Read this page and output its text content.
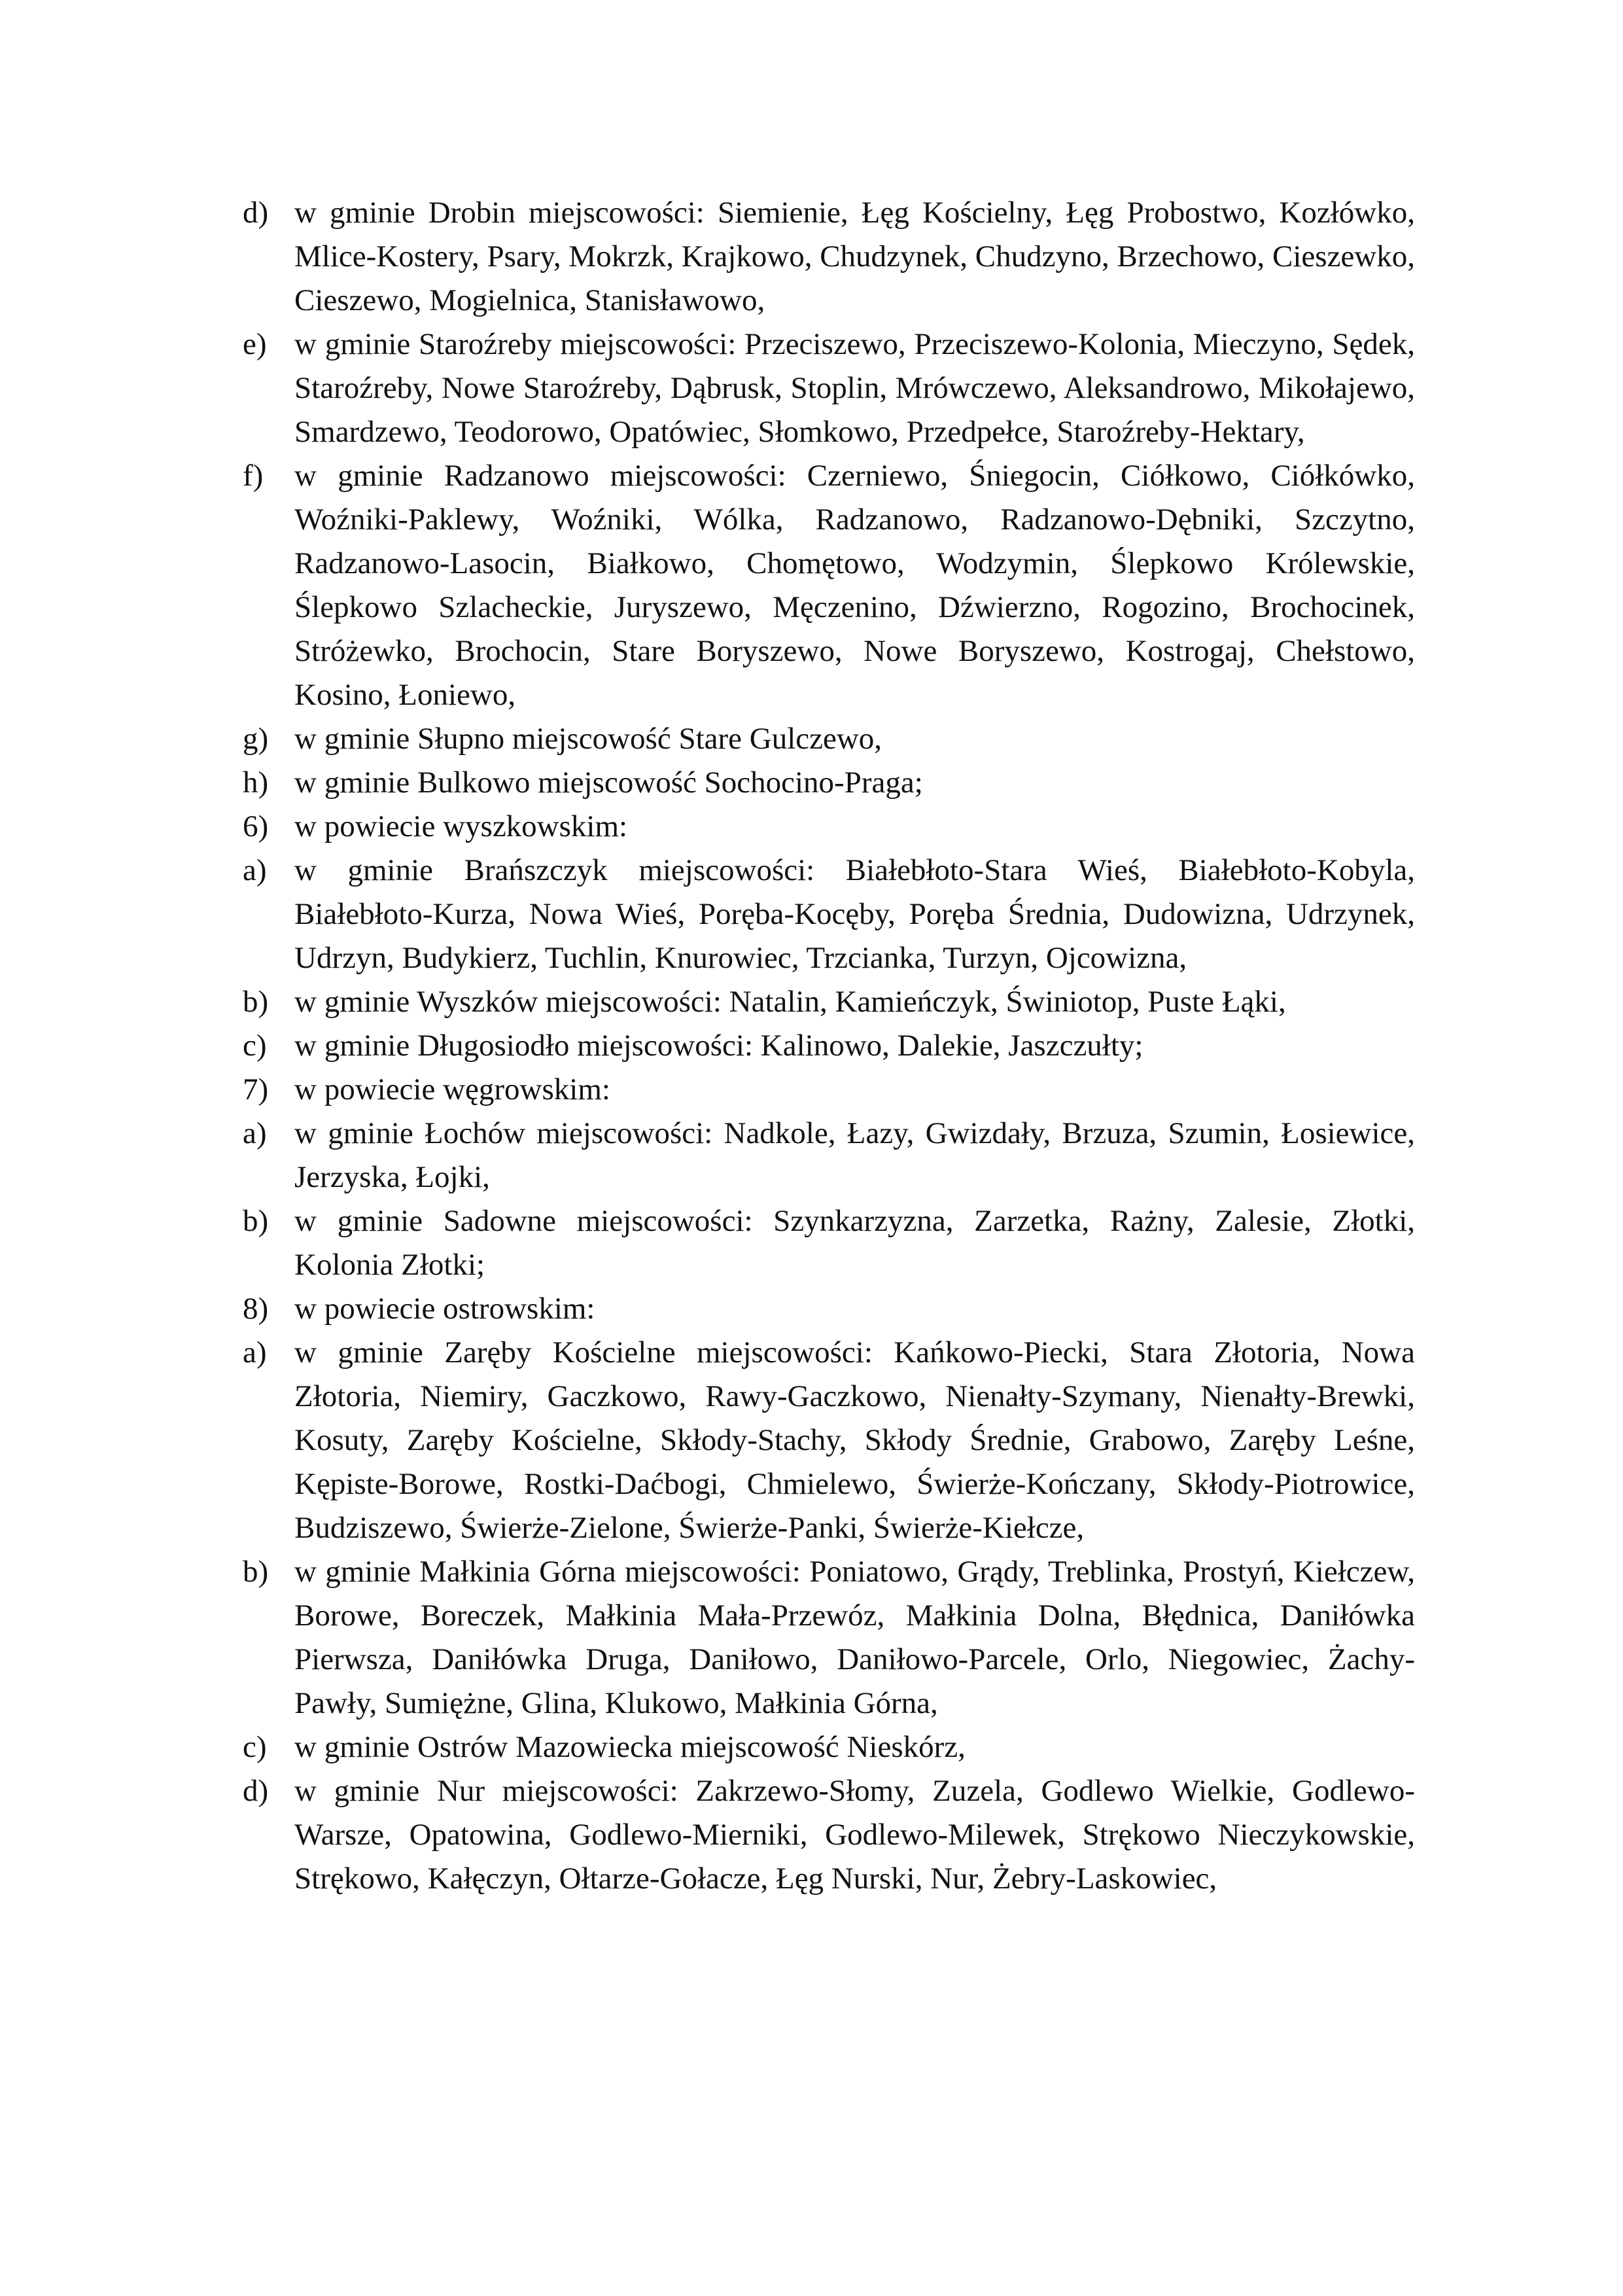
d) w gminie Drobin miejscowości: Siemienie, Łęg Kościelny, Łęg Probostwo, Kozłówko, Mlice-Kostery, Psary, Mokrzk, Krajkowo, Chudzynek, Chudzyno, Brzechowo, Cieszewko, Cieszewo, Mogielnica, Stanisławowo,
e) w gminie Staroźreby miejscowości: Przeciszewo, Przeciszewo-Kolonia, Mieczyno, Sędek, Staroźreby, Nowe Staroźreby, Dąbrusk, Stoplin, Mrówczewo, Aleksandrowo, Mikołajewo, Smardzewo, Teodorowo, Opatówiec, Słomkowo, Przedpełce, Staroźreby-Hektary,
f)	w gminie Radzanowo miejscowości: Czerniewo, Śniegocin, Ciółkowo, Ciółkówko, Woźniki-Paklewy, Woźniki, Wólka, Radzanowo, Radzanowo-Dębniki, Szczytno, Radzanowo-Lasocin, Białkowo, Chomętowo, Wodzymin, Ślepkowo Królewskie, Ślepkowo Szlacheckie, Juryszewo, Męczenino, Dźwierzno, Rogozino, Brochocinek, Stróżewko, Brochocin, Stare Boryszewo, Nowe Boryszewo, Kostrogaj, Chełstowo, Kosino, Łoniewo,
g) w gminie Słupno miejscowość Stare Gulczewo,
h) w gminie Bulkowo miejscowość Sochocino-Praga;
6) w powiecie wyszkowskim:
a) w gminie Brańszczyk miejscowości: Białebłoto-Stara Wieś, Białebłoto-Kobyla, Białebłoto-Kurza, Nowa Wieś, Poręba-Kocęby, Poręba Średnia, Dudowizna, Udrzynek, Udrzyn, Budykierz, Tuchlin, Knurowiec, Trzcianka, Turzyn, Ojcowizna,
b) w gminie Wyszków miejscowości: Natalin, Kamieńczyk, Świniotop, Puste Łąki,
c) w gminie Długosiodło miejscowości: Kalinowo, Dalekie, Jaszczułty;
7) w powiecie węgrowskim:
a) w gminie Łochów miejscowości: Nadkole, Łazy, Gwizdały, Brzuza, Szumin, Łosiewice, Jerzyska, Łojki,
b) w gminie Sadowne miejscowości: Szynkarzyzna, Zarzetka, Rażny, Zalesie, Złotki, Kolonia Złotki;
8) w powiecie ostrowskim:
a) w gminie Zaręby Kościelne miejscowości: Kańkowo-Piecki, Stara Złotoria, Nowa Złotoria, Niemiry, Gaczkowo, Rawy-Gaczkowo, Nienałty-Szymany, Nienałty-Brewki, Kosuty, Zaręby Kościelne, Skłody-Stachy, Skłody Średnie, Grabowo, Zaręby Leśne, Kępiste-Borowe, Rostki-Daćbogi, Chmielewo, Świerże-Kończany, Skłody-Piotrowice, Budziszewo, Świerże-Zielone, Świerże-Panki, Świerże-Kiełcze,
b) w gminie Małkinia Górna miejscowości: Poniatowo, Grądy, Treblinka, Prostyń, Kiełczew, Borowe, Boreczek, Małkinia Mała-Przewóz, Małkinia Dolna, Błędnica, Daniłówka Pierwsza, Daniłówka Druga, Daniłowo, Daniłowo-Parcele, Orlo, Niegowiec, Żachy-Pawły, Sumiężne, Glina, Klukowo, Małkinia Górna,
c) w gminie Ostrów Mazowiecka miejscowość Nieskórz,
d) w gminie Nur miejscowości: Zakrzewo-Słomy, Zuzela, Godlewo Wielkie, Godlewo-Warsze, Opatowina, Godlewo-Mierniki, Godlewo-Milewek, Strękowo Nieczykowskie, Strękowo, Kałęczyn, Ołtarze-Gołacze, Łęg Nurski, Nur, Żebry-Laskowiec,
